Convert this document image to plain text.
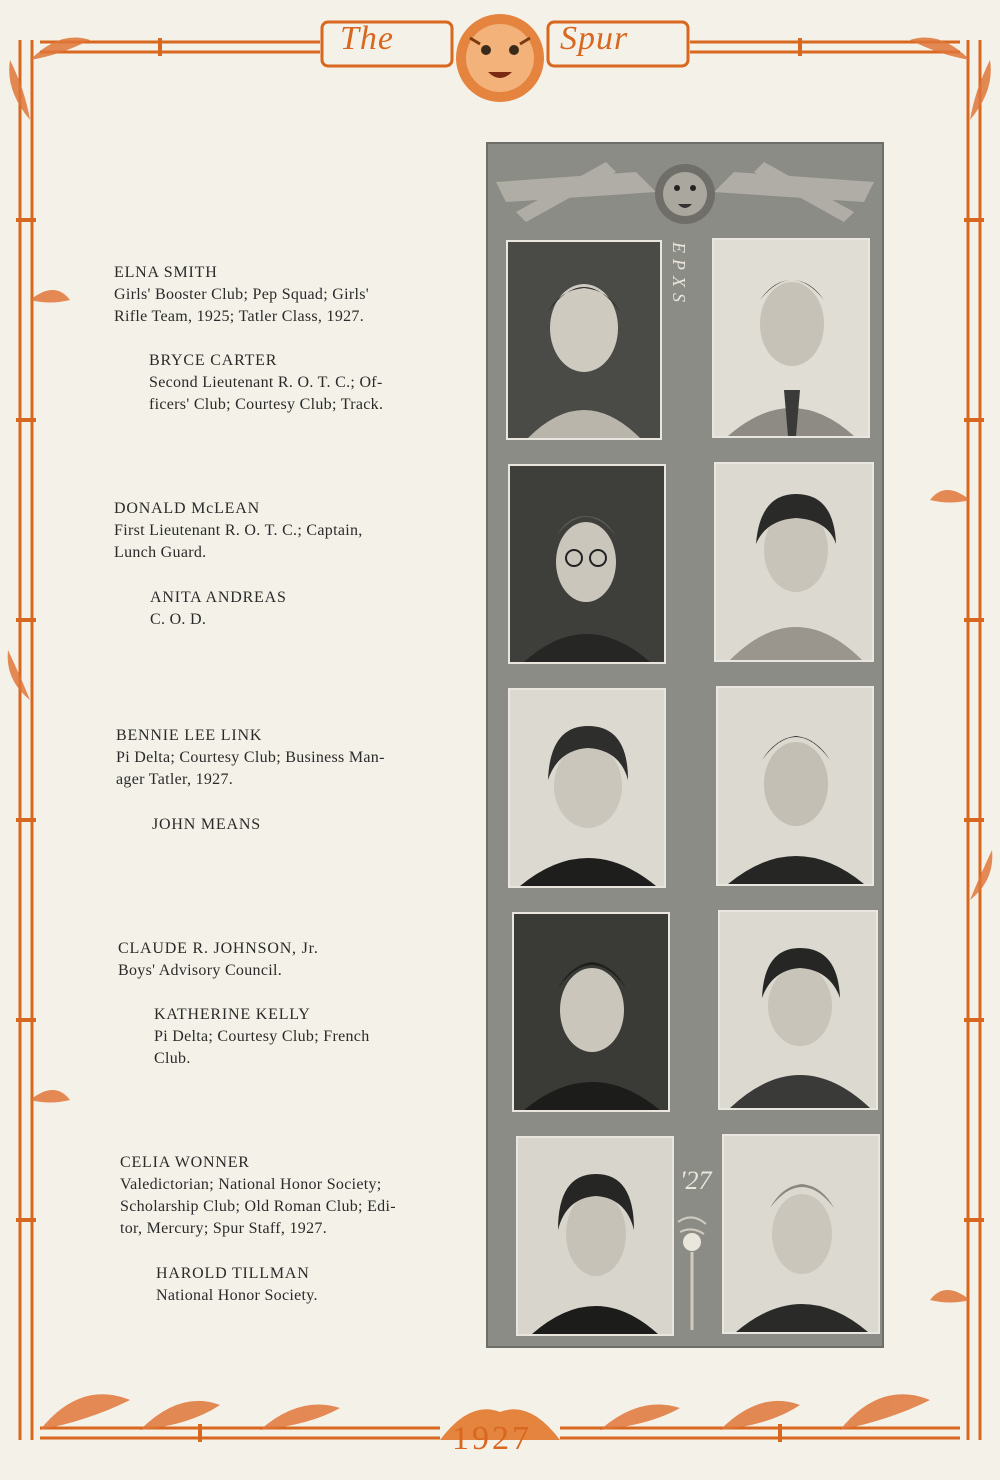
The	Spur
1927
ELNA SMITH
Girls' Booster Club; Pep Squad; Girls'
Rifle Team, 1925; Tatler Class, 1927.
BRYCE CARTER
Second Lieutenant R. O. T. C.; Of-
ficers' Club; Courtesy Club; Track.
DONALD McLEAN
First Lieutenant R. O. T. C.; Captain,
Lunch Guard.
ANITA ANDREAS
C. O. D.
BENNIE LEE LINK
Pi Delta; Courtesy Club; Business Man-
ager Tatler, 1927.
JOHN MEANS
CLAUDE R. JOHNSON, Jr.
Boys' Advisory Council.
KATHERINE KELLY
Pi Delta; Courtesy Club; French
Club.
CELIA WONNER
Valedictorian; National Honor Society;
Scholarship Club; Old Roman Club; Edi-
tor, Mercury; Spur Staff, 1927.
HAROLD TILLMAN
National Honor Society.
EPXS
'27
